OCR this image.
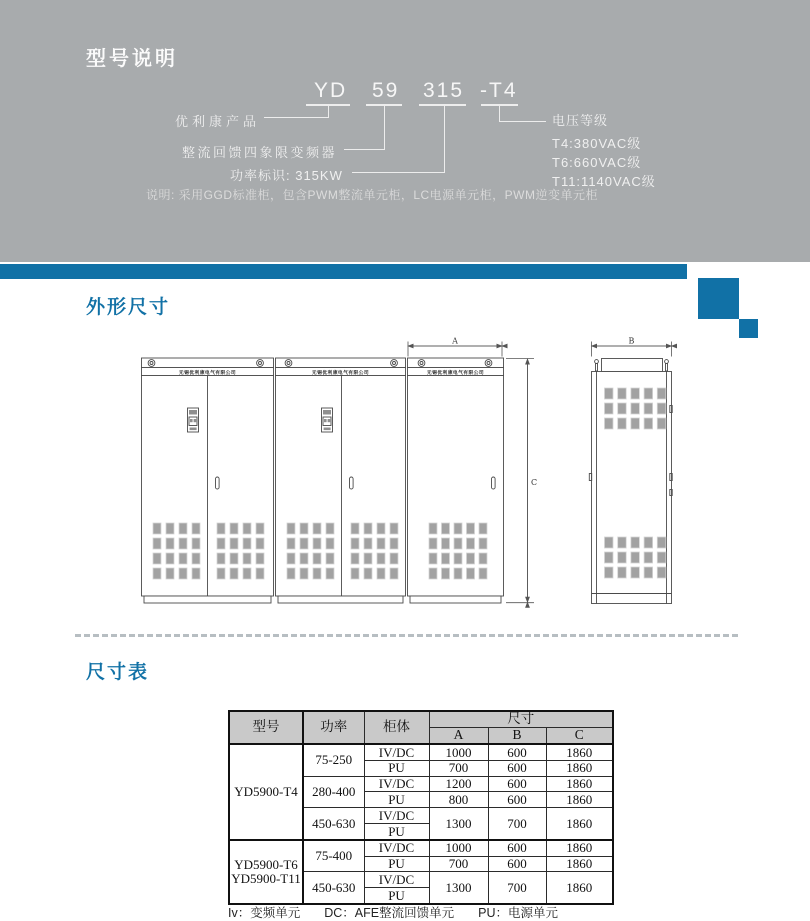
型号说明
YD 59 315 -T4
优利康产品
整流回馈四象限变频器
功率标识: 315KW
电压等级
T4:380VAC级
T6:660VAC级
T11:1140VAC级
说明: 采用GGD标准柜，包含PWM整流单元柜，LC电源单元柜，PWM逆变单元柜
外形尺寸
无锡优利康电气有限公司	无锡优利康电气有限公司	无锡优利康电气有限公司
A
C
B
尺寸表
型号	功率	柜体	尺寸		
			A	B	C
YD5900-T4	75-250	IV/DC	1000	600	1860
		PU	700	600	1860
	280-400	IV/DC	1200	600	1860
		PU	800	600	1860
	450-630	IV/DC	1300	700	1860
		PU			

YD5900-T6
YD5900-T11	75-400	IV/DC	1000	600	1860
		PU	700	600	1860
	450-630	IV/DC	1300	700	1860
		PU			
Iv：变频单元 DC：AFE整流回馈单元 PU：电源单元
